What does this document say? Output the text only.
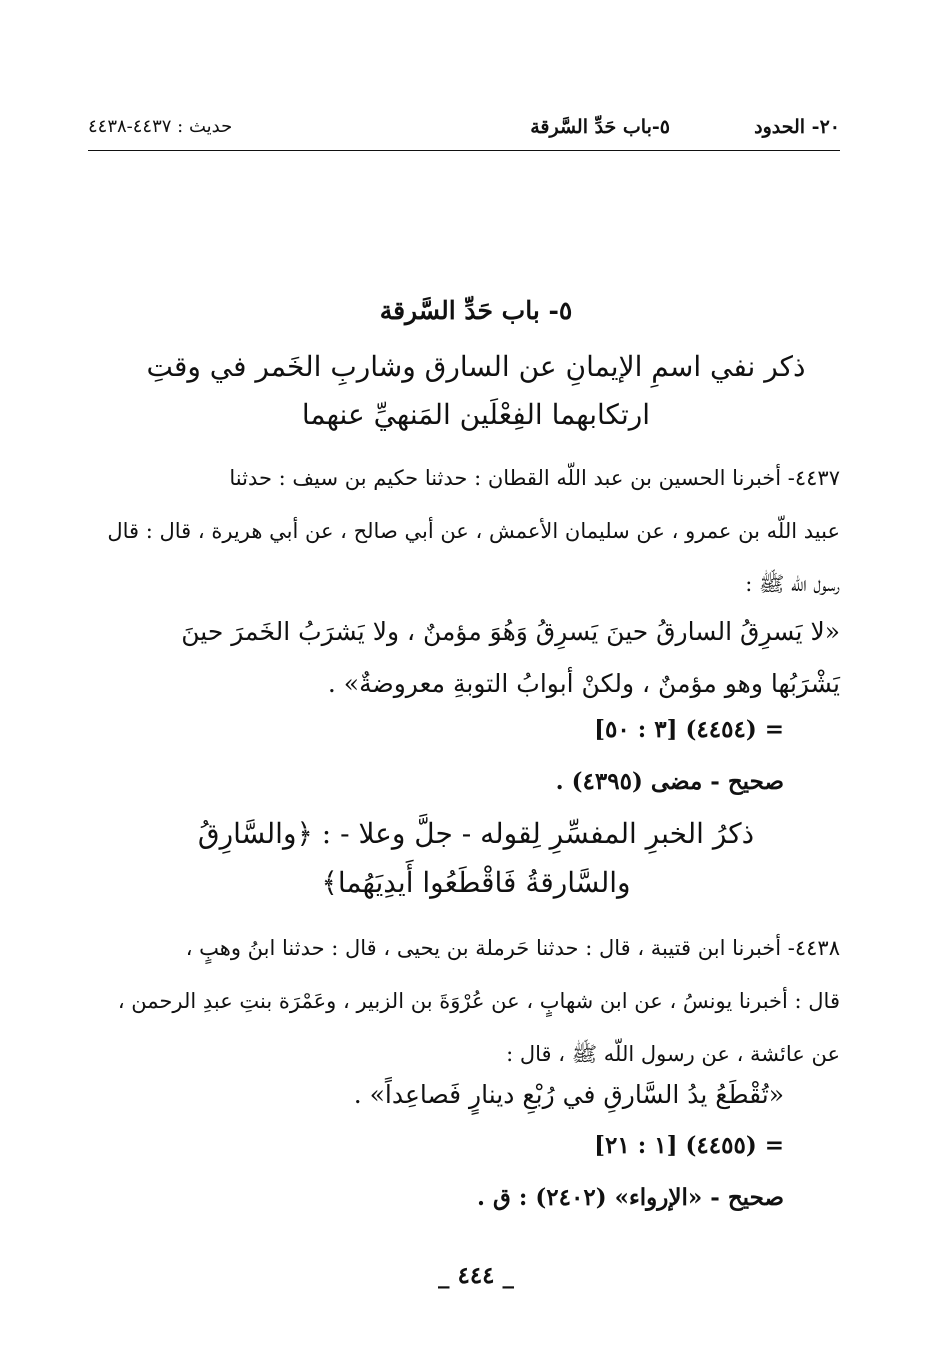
٢٠- الحدود
٥-باب حَدِّ السَّرقة
حديث : ٤٤٣٧-٤٤٣٨
٥- باب حَدِّ السَّرقة
ذكر نفي اسمِ الإيمانِ عن السارق وشاربِ الخَمر في وقتِ
ارتكابهما الفِعْلَين المَنهيِّ عنهما
٤٤٣٧- أخبرنا الحسين بن عبد اللّه القطان : حدثنا حكيم بن سيف : حدثنا
عبيد اللّه بن عمرو ، عن سليمان الأعمش ، عن أبي صالح ، عن أبي هريرة ، قال : قال
رسول اللّه ﷺ :
«لا يَسرِقُ السارقُ حينَ يَسرِقُ وَهُوَ مؤمنٌ ، ولا يَشرَبُ الخَمرَ حينَ
يَشْرَبُها وهو مؤمنٌ ، ولكنْ أبوابُ التوبةِ معروضةٌ» .
= (٤٤٥٤) [٣ : ٥٠]
صحيح - مضى (٤٣٩٥) .
ذكرُ الخبرِ المفسِّرِ لِقوله - جلَّ وعلا - : ﴿والسَّارِقُ
والسَّارقةُ فَاقْطَعُوا أَيدِيَهُما﴾
٤٤٣٨- أخبرنا ابن قتيبة ، قال : حدثنا حَرملة بن يحيى ، قال : حدثنا ابنُ وهبٍ ،
قال : أخبرنا يونسُ ، عن ابن شهابٍ ، عن عُرْوَةَ بن الزبير ، وعَمْرَة بنتِ عبدِ الرحمن ،
عن عائشة ، عن رسول اللّه ﷺ ، قال :
«تُقْطَعُ يدُ السَّارقِ في رُبْعِ دينارٍ فَصاعِداً» .
= (٤٤٥٥) [١ : ٢١]
صحيح - «الإرواء» (٢٤٠٢) : ق .
_ ٤٤٤ _
